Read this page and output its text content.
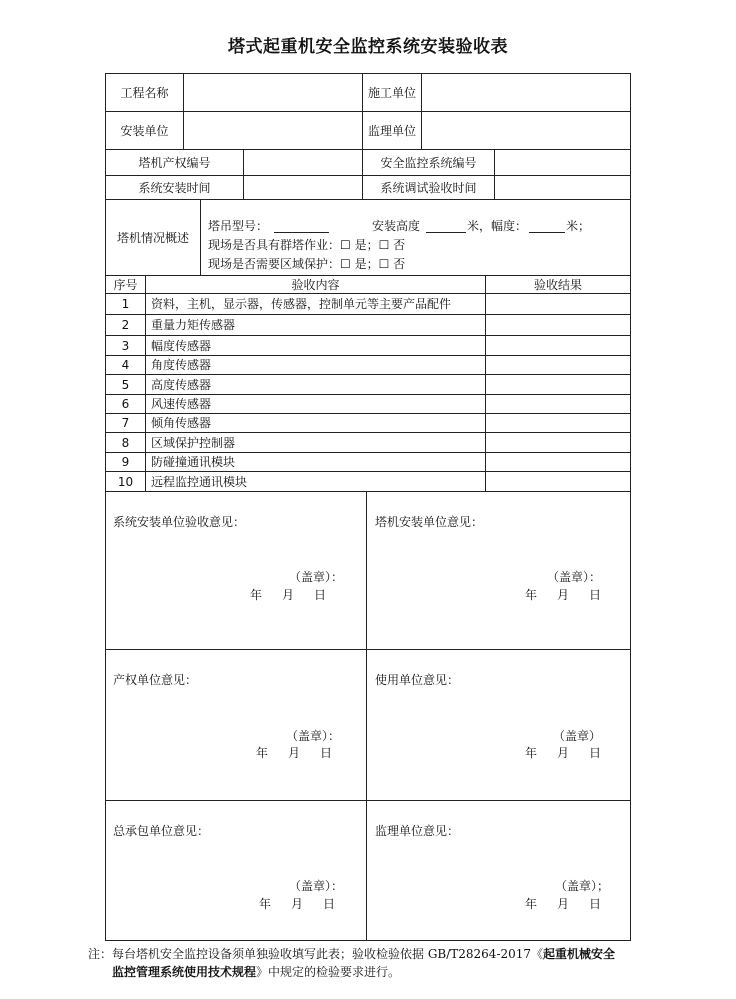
塔式起重机安全监控系统安装验收表
工程名称	施工单位
安装单位	监理单位
塔机产权编号	安全监控系统编号
系统安装时间	系统调试验收时间
塔机情况概述
塔吊型号：	安装高度	米，幅度：	米；
现场是否具有群塔作业：☐ 是；☐ 否
现场是否需要区域保护：☐ 是；☐ 否
序号	验收内容	验收结果
1	资料，主机，显示器，传感器，控制单元等主要产品配件
2	重量力矩传感器
3	幅度传感器
4	角度传感器
5	高度传感器
6	风速传感器
7	倾角传感器
8	区域保护控制器
9	防碰撞通讯模块
10	远程监控通讯模块
系统安装单位验收意见：
（盖章）：
年 月 日
塔机安装单位意见：
（盖章）：
年 月 日
产权单位意见：
（盖章）：
年 月 日
使用单位意见：
（盖章）
年 月 日
总承包单位意见：
（盖章）：
年 月 日
监理单位意见：
（盖章）；
年 月 日
注：每台塔机安全监控设备须单独验收填写此表；验收检验依据 GB/T28264-2017《起重机械安全
监控管理系统使用技术规程》中规定的检验要求进行。
